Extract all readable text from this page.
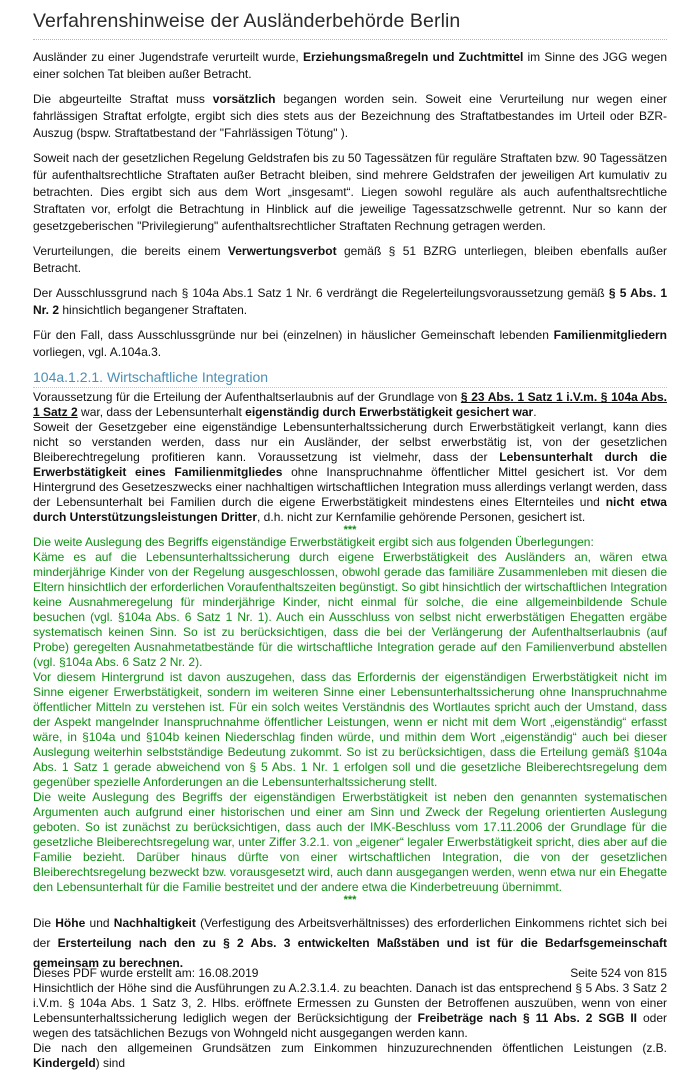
Verfahrenshinweise der Ausländerbehörde Berlin

Ausländer zu einer Jugendstrafe verurteilt wurde, Erziehungsmaßregeln und Zuchtmittel im Sinne des JGG wegen einer solchen Tat bleiben außer Betracht.

Die abgeurteilte Straftat muss vorsätzlich begangen worden sein. Soweit eine Verurteilung nur wegen einer fahrlässigen Straftat erfolgte, ergibt sich dies stets aus der Bezeichnung des Straftatbestandes im Urteil oder BZR-Auszug (bspw. Straftatbestand der "Fahrlässigen Tötung" ).

Soweit nach der gesetzlichen Regelung Geldstrafen bis zu 50 Tagessätzen für reguläre Straftaten bzw. 90 Tagessätzen für aufenthaltsrechtliche Straftaten außer Betracht bleiben, sind mehrere Geldstrafen der jeweiligen Art kumulativ zu betrachten. Dies ergibt sich aus dem Wort „insgesamt“. Liegen sowohl reguläre als auch aufenthaltsrechtliche Straftaten vor, erfolgt die Betrachtung in Hinblick auf die jeweilige Tagessatzschwelle getrennt. Nur so kann der gesetzgeberischen "Privilegierung" aufenthaltsrechtlicher Straftaten Rechnung getragen werden.

Verurteilungen, die bereits einem Verwertungsverbot gemäß § 51 BZRG unterliegen, bleiben ebenfalls außer Betracht.

Der Ausschlussgrund nach § 104a Abs.1 Satz 1 Nr. 6 verdrängt die Regelerteilungsvoraussetzung gemäß § 5 Abs. 1 Nr. 2 hinsichtlich begangener Straftaten.

Für den Fall, dass Ausschlussgründe nur bei (einzelnen) in häuslicher Gemeinschaft lebenden Familienmitgliedern vorliegen, vgl. A.104a.3.

104a.1.2.1. Wirtschaftliche Integration

Voraussetzung für die Erteilung der Aufenthaltserlaubnis auf der Grundlage von § 23 Abs. 1 Satz 1 i.V.m. § 104a Abs. 1 Satz 2 war, dass der Lebensunterhalt eigenständig durch Erwerbstätigkeit gesichert war.

Soweit der Gesetzgeber eine eigenständige Lebensunterhaltssicherung durch Erwerbstätigkeit verlangt, kann dies nicht so verstanden werden, dass nur ein Ausländer, der selbst erwerbstätig ist, von der gesetzlichen Bleiberechtregelung profitieren kann. Voraussetzung ist vielmehr, dass der Lebensunterhalt durch die Erwerbstätigkeit eines Familienmitgliedes ohne Inanspruchnahme öffentlicher Mittel gesichert ist. Vor dem Hintergrund des Gesetzeszwecks einer nachhaltigen wirtschaftlichen Integration muss allerdings verlangt werden, dass der Lebensunterhalt bei Familien durch die eigene Erwerbstätigkeit mindestens eines Elternteiles und nicht etwa durch Unterstützungsleistungen Dritter, d.h. nicht zur Kernfamilie gehörende Personen, gesichert ist.

***

Die weite Auslegung des Begriffs eigenständige Erwerbstätigkeit ergibt sich aus folgenden Überlegungen:

Käme es auf die Lebensunterhaltssicherung durch eigene Erwerbstätigkeit des Ausländers an, wären etwa minderjährige Kinder von der Regelung ausgeschlossen, obwohl gerade das familiäre Zusammenleben mit diesen die Eltern hinsichtlich der erforderlichen Voraufenthaltszeiten begünstigt. So gibt hinsichtlich der wirtschaftlichen Integration keine Ausnahmeregelung für minderjährige Kinder, nicht einmal für solche, die eine allgemeinbildende Schule besuchen (vgl. §104a Abs. 6 Satz 1 Nr. 1). Auch ein Ausschluss von selbst nicht erwerbstätigen Ehegatten ergäbe systematisch keinen Sinn. So ist zu berücksichtigen, dass die bei der Verlängerung der Aufenthaltserlaubnis (auf Probe) geregelten Ausnahmetatbestände für die wirtschaftliche Integration gerade auf den Familienverbund abstellen (vgl. §104a Abs. 6 Satz 2 Nr. 2).

Vor diesem Hintergrund ist davon auszugehen, dass das Erfordernis der eigenständigen Erwerbstätigkeit nicht im Sinne eigener Erwerbstätigkeit, sondern im weiteren Sinne einer Lebensunterhaltssicherung ohne Inanspruchnahme öffentlicher Mitteln zu verstehen ist. Für ein solch weites Verständnis des Wortlautes spricht auch der Umstand, dass der Aspekt mangelnder Inanspruchnahme öffentlicher Leistungen, wenn er nicht mit dem Wort „eigenständig“ erfasst wäre, in §104a und §104b keinen Niederschlag finden würde, und mithin dem Wort „eigenständig“ auch bei dieser Auslegung weiterhin selbstständige Bedeutung zukommt. So ist zu berücksichtigen, dass die Erteilung gemäß §104a Abs. 1 Satz 1 gerade abweichend von § 5 Abs. 1 Nr. 1 erfolgen soll und die gesetzliche Bleiberechtsregelung dem gegenüber spezielle Anforderungen an die Lebensunterhaltssicherung stellt.

Die weite Auslegung des Begriffs der eigenständigen Erwerbstätigkeit ist neben den genannten systematischen Argumenten auch aufgrund einer historischen und einer am Sinn und Zweck der Regelung orientierten Auslegung geboten. So ist zunächst zu berücksichtigen, dass auch der IMK-Beschluss vom 17.11.2006 der Grundlage für die gesetzliche Bleiberechtsregelung war, unter Ziffer 3.2.1. von „eigener“ legaler Erwerbstätigkeit spricht, dies aber auf die Familie bezieht. Darüber hinaus dürfte von einer wirtschaftlichen Integration, die von der gesetzlichen Bleiberechtsregelung bezweckt bzw. vorausgesetzt wird, auch dann ausgegangen werden, wenn etwa nur ein Ehegatte den Lebensunterhalt für die Familie bestreitet und der andere etwa die Kinderbetreuung übernimmt.

***

Die Höhe und Nachhaltigkeit (Verfestigung des Arbeitsverhältnisses) des erforderlichen Einkommens richtet sich bei der Ersterteilung nach den zu § 2 Abs. 3 entwickelten Maßstäben und ist für die Bedarfsgemeinschaft gemeinsam zu berechnen.

Hinsichtlich der Höhe sind die Ausführungen zu A.2.3.1.4. zu beachten. Danach ist das entsprechend § 5 Abs. 3 Satz 2 i.V.m. § 104a Abs. 1 Satz 3, 2. Hlbs. eröffnete Ermessen zu Gunsten der Betroffenen auszuüben, wenn von einer Lebensunterhaltssicherung lediglich wegen der Berücksichtigung der Freibeträge nach § 11 Abs. 2 SGB II oder wegen des tatsächlichen Bezugs von Wohngeld nicht ausgegangen werden kann.

Die nach den allgemeinen Grundsätzen zum Einkommen hinzuzurechnenden öffentlichen Leistungen (z.B. Kindergeld) sind

Dieses PDF wurde erstellt am: 16.08.2019	Seite 524 von 815
